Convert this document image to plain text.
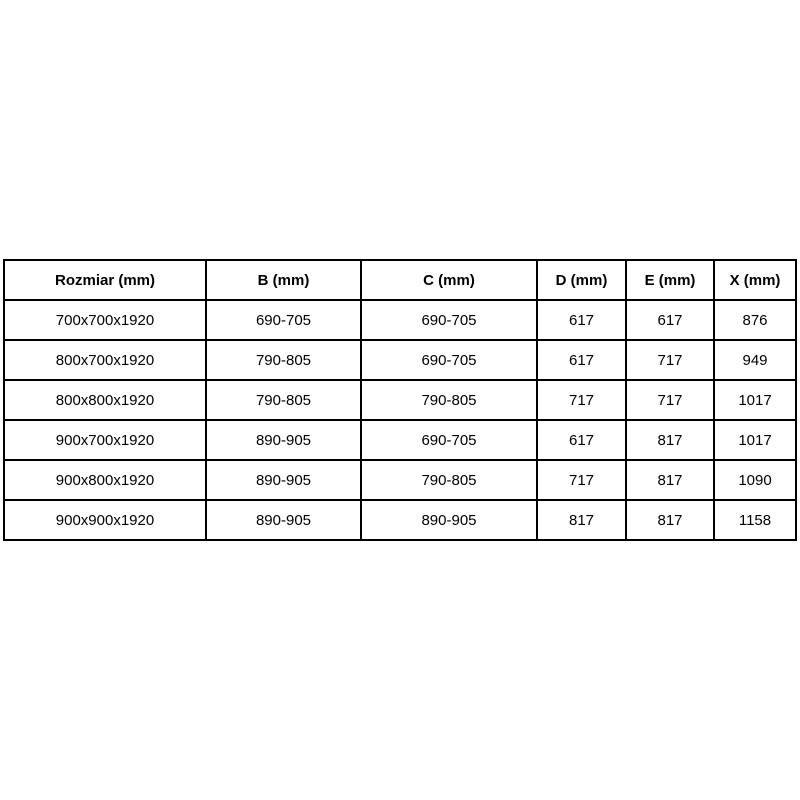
Rozmiar (mm)	B (mm)	C (mm)	D (mm)	E (mm)	X (mm)
700x700x1920	690-705	690-705	617	617	876
800x700x1920	790-805	690-705	617	717	949
800x800x1920	790-805	790-805	717	717	1017
900x700x1920	890-905	690-705	617	817	1017
900x800x1920	890-905	790-805	717	817	1090
900x900x1920	890-905	890-905	817	817	1158
